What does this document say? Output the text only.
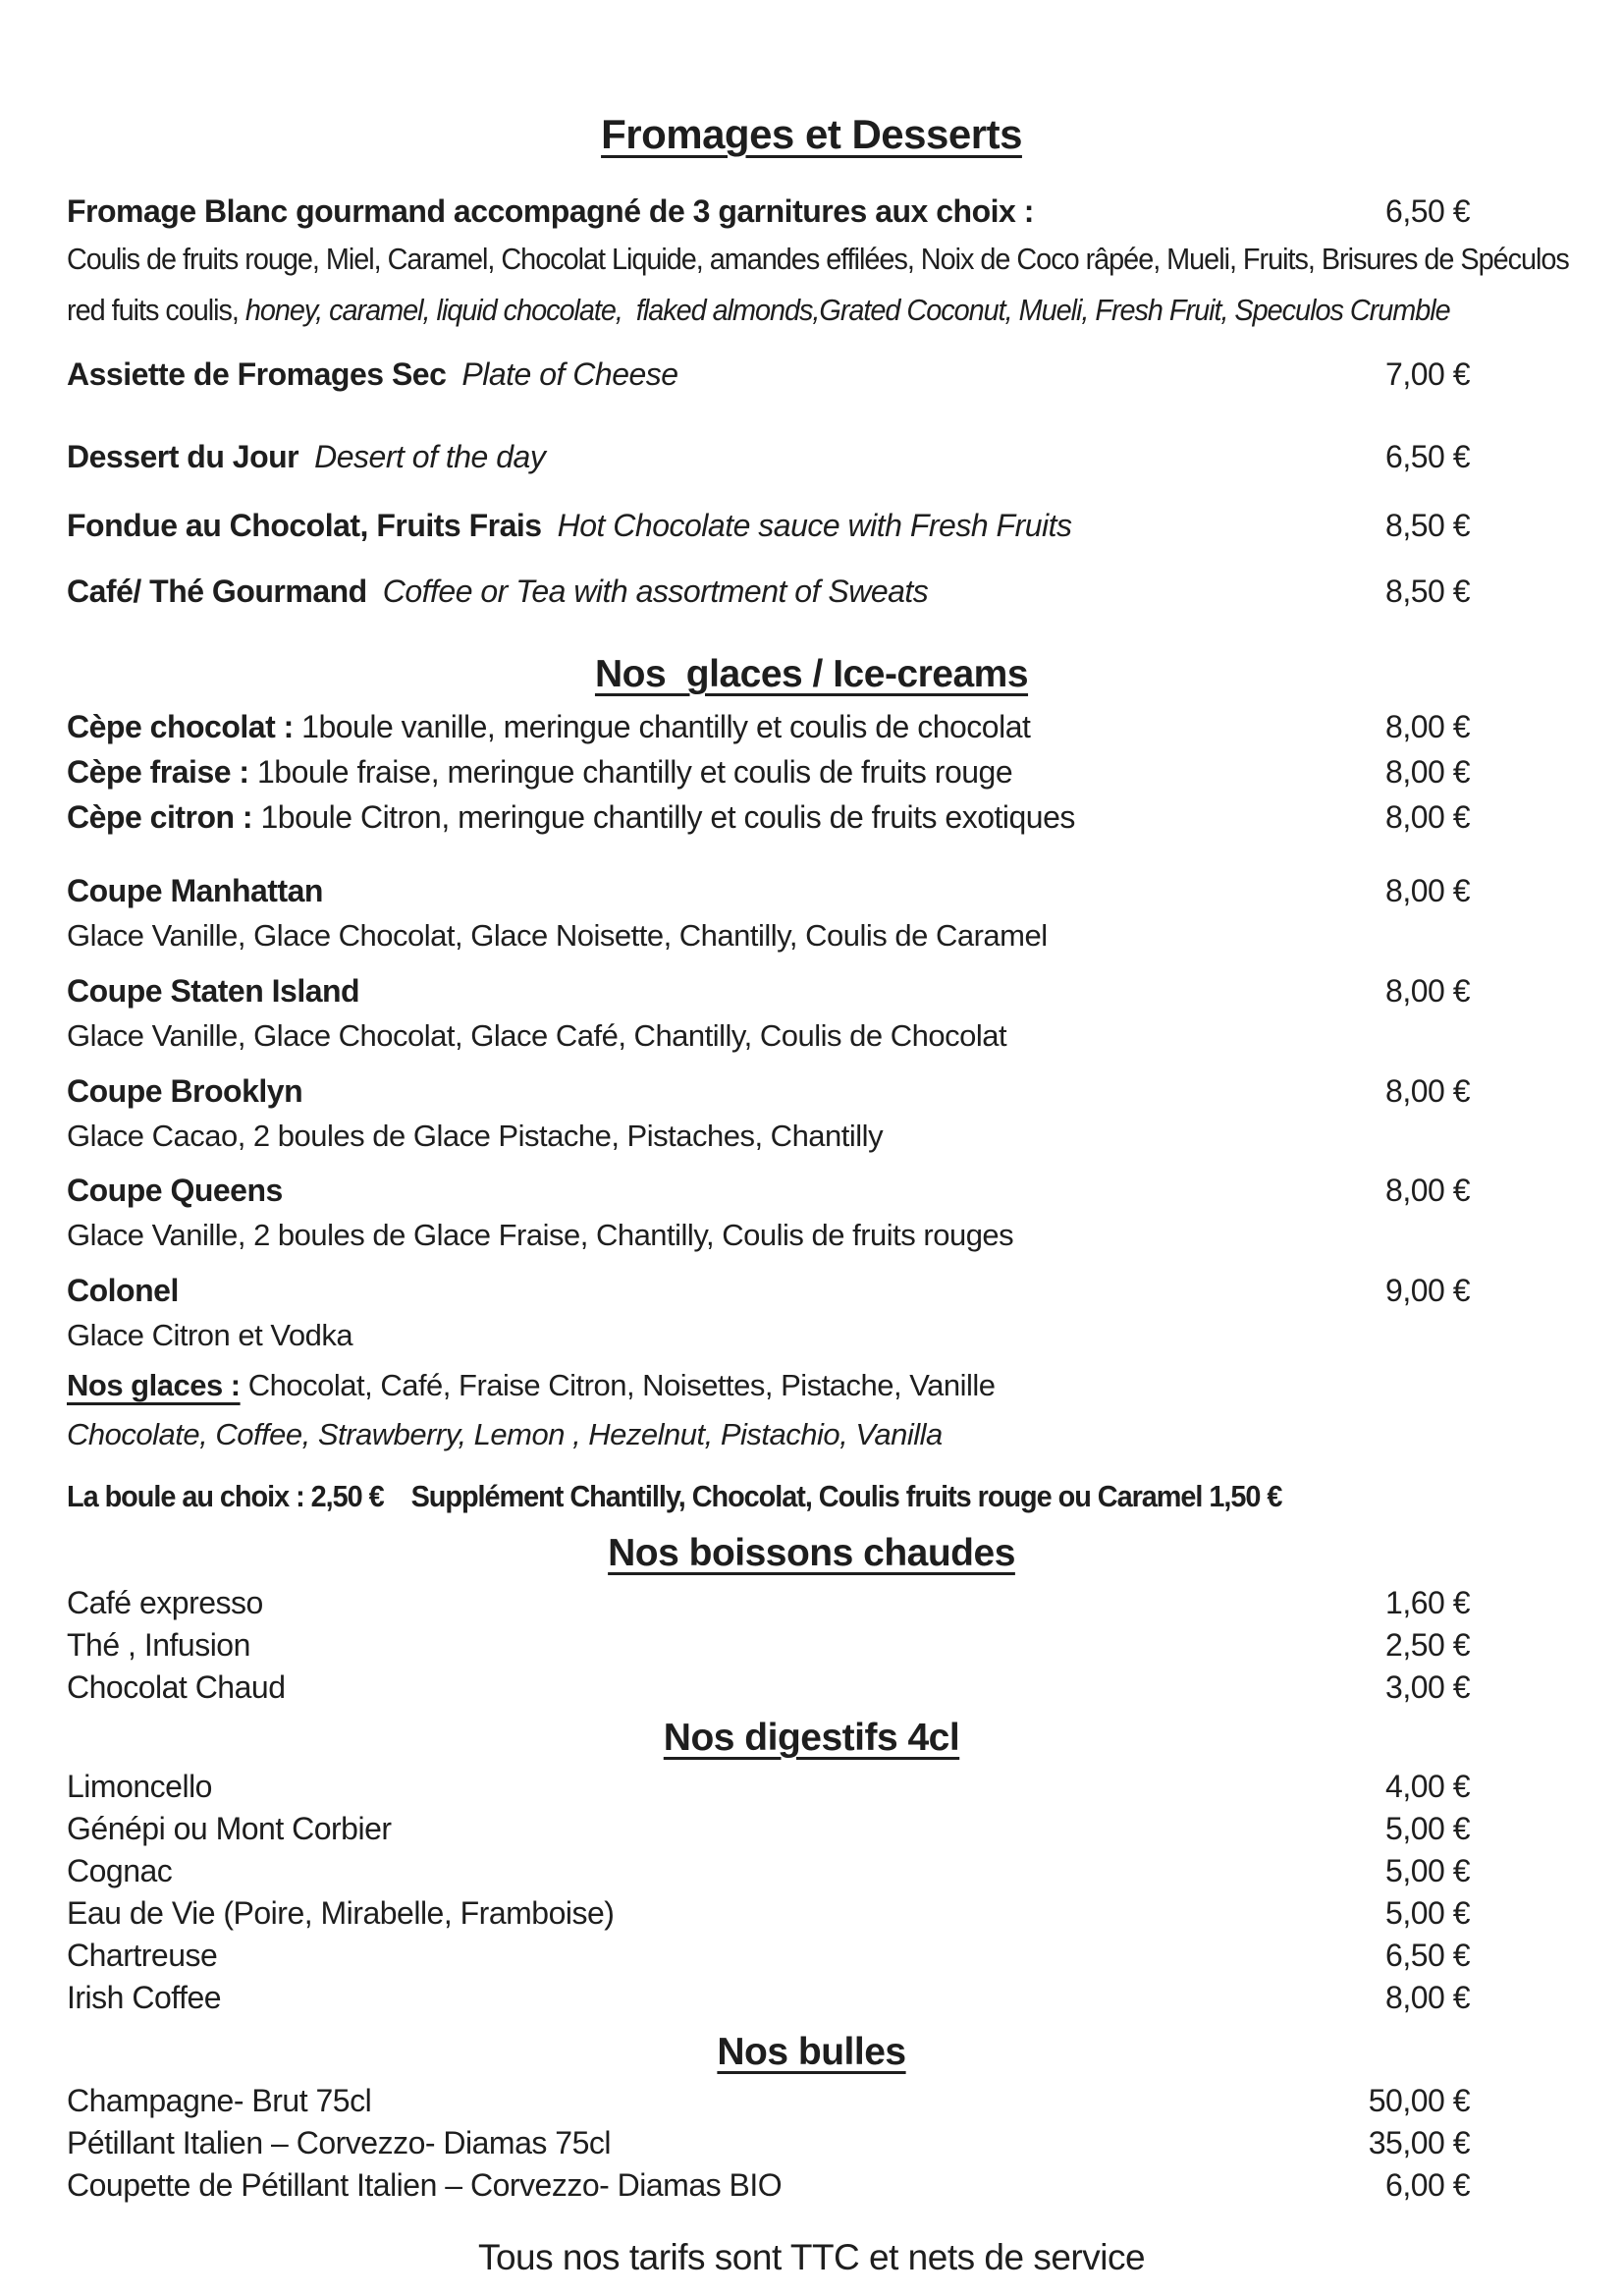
Fromages et Desserts
Fromage Blanc gourmand accompagné de 3 garnitures aux choix :	6,50 €
Coulis de fruits rouge, Miel, Caramel, Chocolat Liquide, amandes effilées, Noix de Coco râpée, Mueli, Fruits, Brisures de Spéculos
red fuits coulis, honey, caramel, liquid chocolate,  flaked almonds,Grated Coconut, Mueli, Fresh Fruit, Speculos Crumble
Assiette de Fromages Sec Plate of Cheese	7,00 €
Dessert du Jour Desert of the day	6,50 €
Fondue au Chocolat, Fruits Frais Hot Chocolate sauce with Fresh Fruits	8,50 €
Café/ Thé Gourmand Coffee or Tea with assortment of Sweats	8,50 €
Nos  glaces / Ice-creams
Cèpe chocolat : 1boule vanille, meringue chantilly et coulis de chocolat	8,00 €
Cèpe fraise : 1boule fraise, meringue chantilly et coulis de fruits rouge	8,00 €
Cèpe citron : 1boule Citron, meringue chantilly et coulis de fruits exotiques	8,00 €
Coupe Manhattan	8,00 €
Glace Vanille, Glace Chocolat, Glace Noisette, Chantilly, Coulis de Caramel
Coupe Staten Island	8,00 €
Glace Vanille, Glace Chocolat, Glace Café, Chantilly, Coulis de Chocolat
Coupe Brooklyn	8,00 €
Glace Cacao, 2 boules de Glace Pistache, Pistaches, Chantilly
Coupe Queens	8,00 €
Glace Vanille, 2 boules de Glace Fraise, Chantilly, Coulis de fruits rouges
Colonel	9,00 €
Glace Citron et Vodka
Nos glaces : Chocolat, Café, Fraise Citron, Noisettes, Pistache, Vanille
Chocolate, Coffee, Strawberry, Lemon , Hezelnut, Pistachio, Vanilla
La boule au choix : 2,50 € Supplément Chantilly, Chocolat, Coulis fruits rouge ou Caramel 1,50 €
Nos boissons chaudes
Café expresso	1,60 €
Thé , Infusion	2,50 €
Chocolat Chaud	3,00 €
Nos digestifs 4cl
Limoncello	4,00 €
Génépi ou Mont Corbier	5,00 €
Cognac	5,00 €
Eau de Vie (Poire, Mirabelle, Framboise)	5,00 €
Chartreuse	6,50 €
Irish Coffee	8,00 €
Nos bulles
Champagne- Brut 75cl	50,00 €
Pétillant Italien – Corvezzo- Diamas 75cl	35,00 €
Coupette de Pétillant Italien – Corvezzo- Diamas BIO	6,00 €
Tous nos tarifs sont TTC et nets de service
